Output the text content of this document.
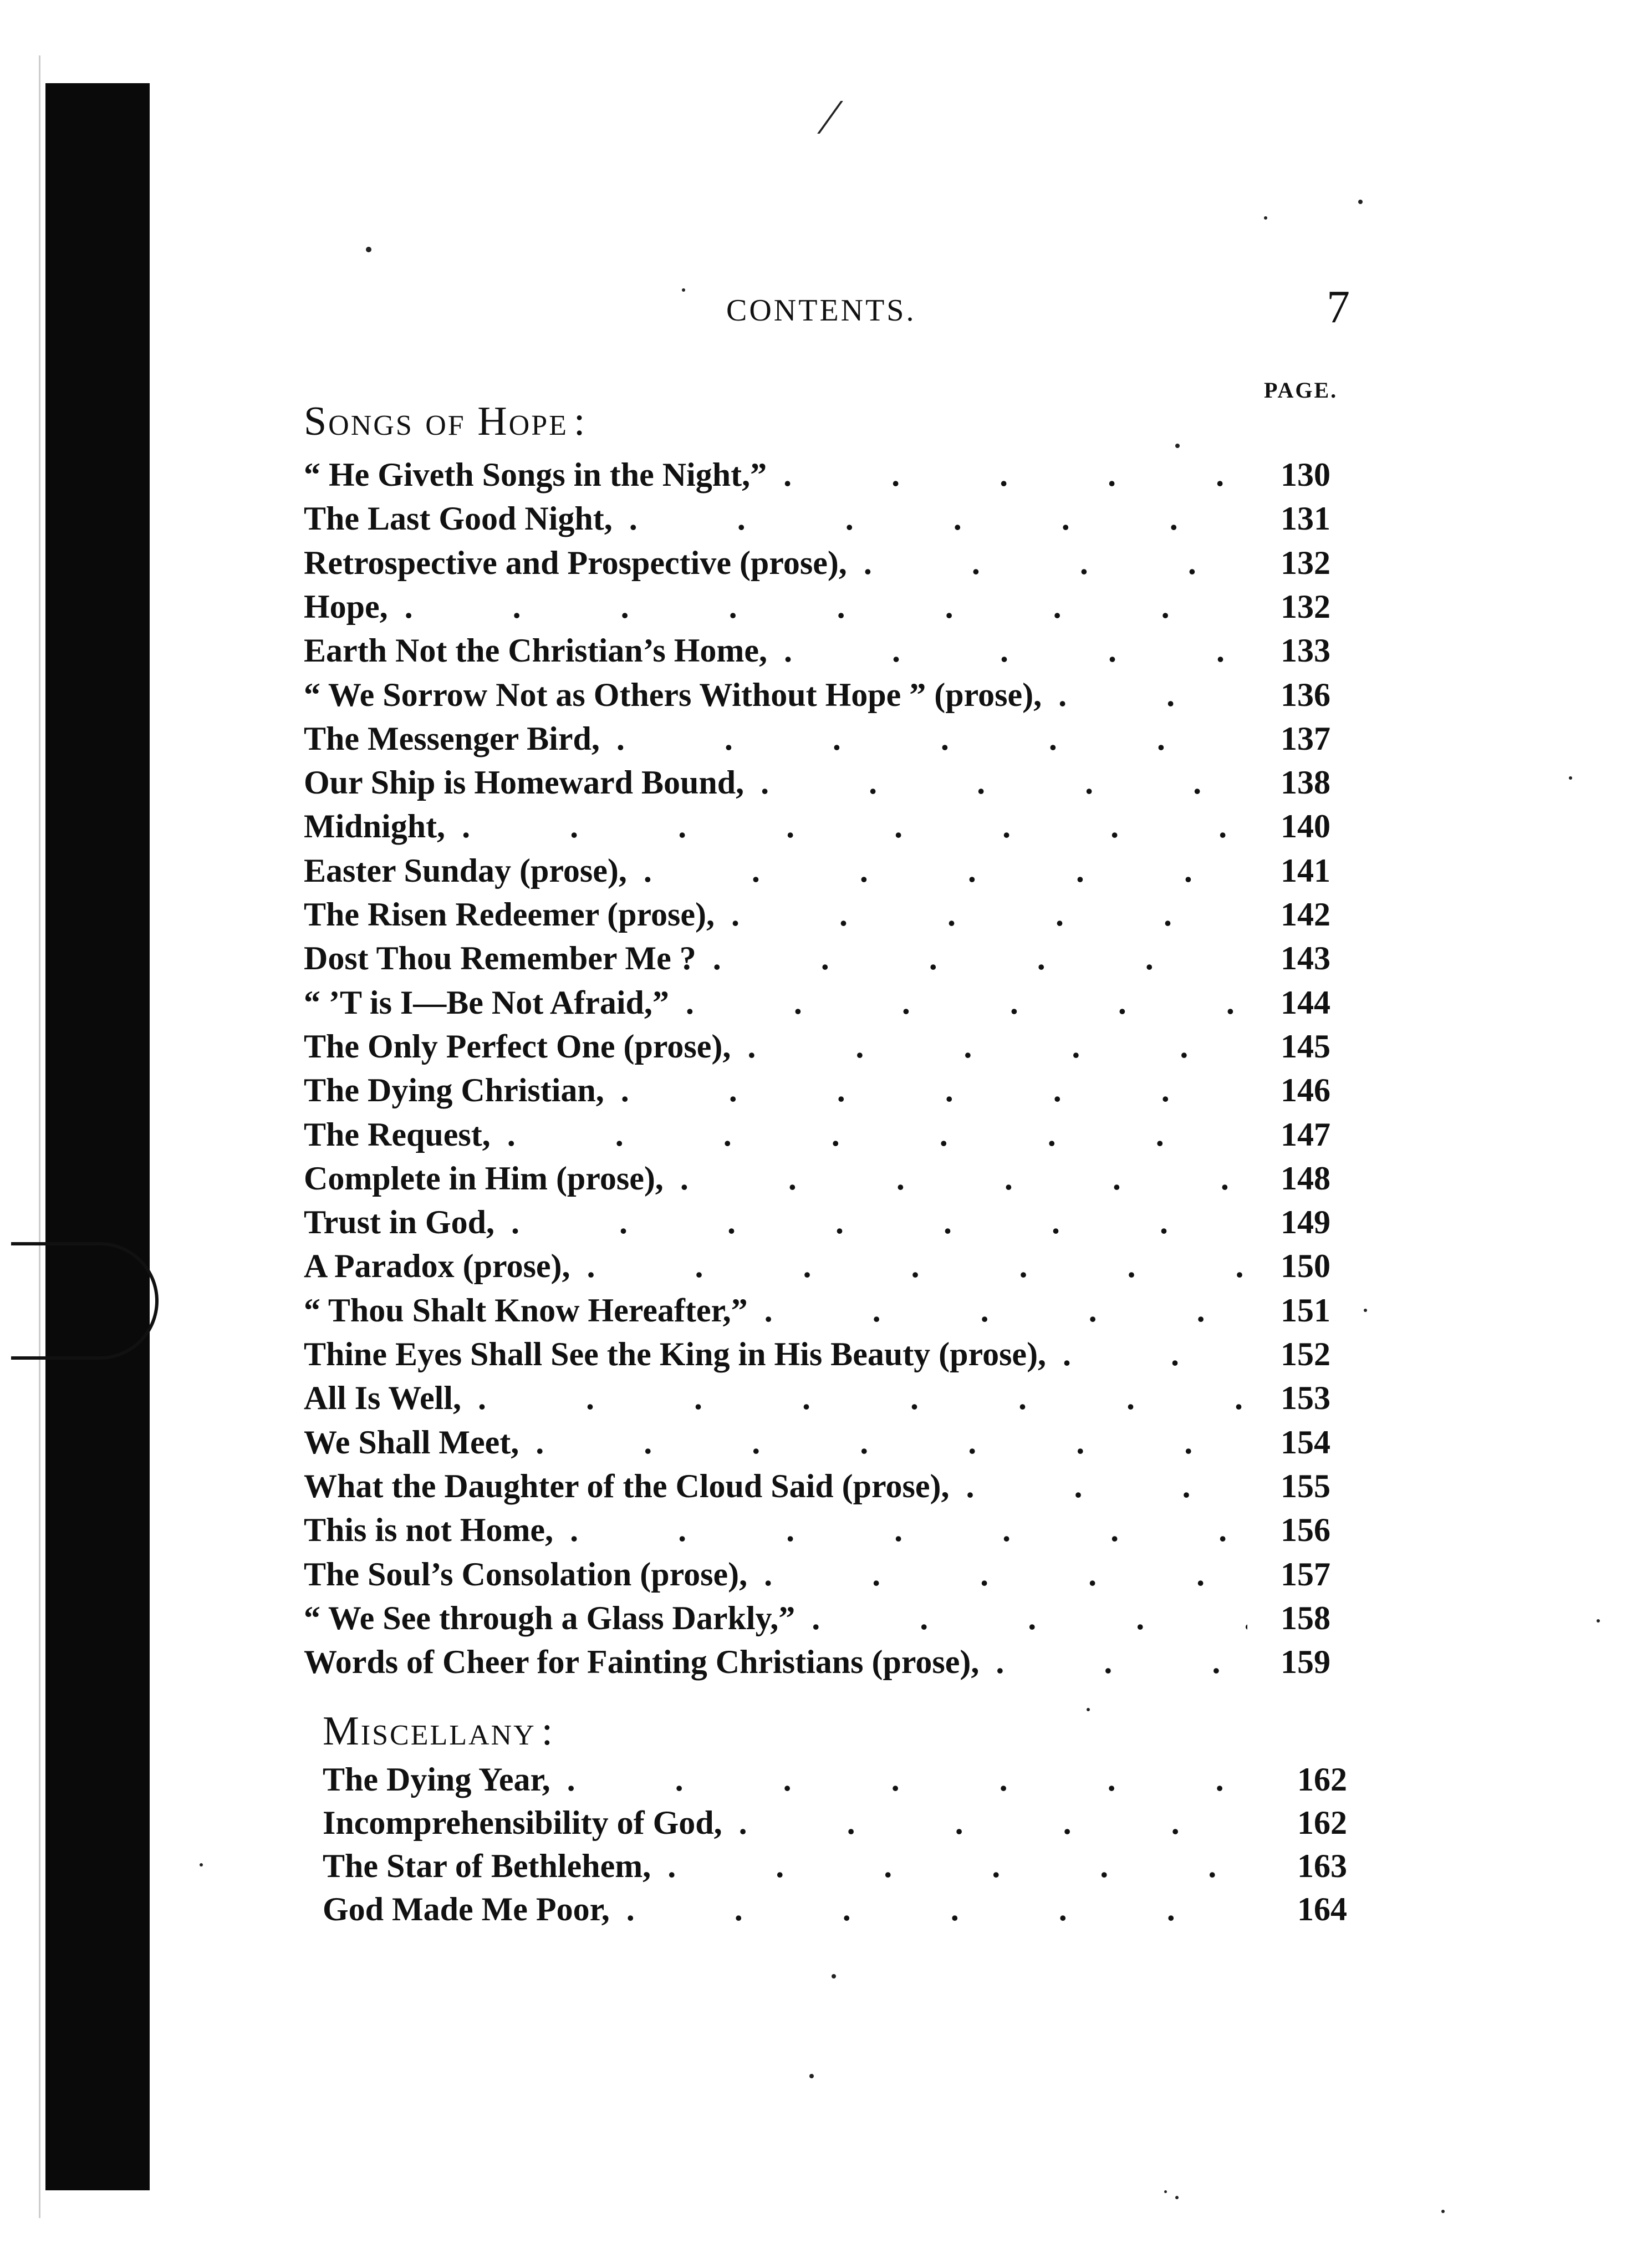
⁄
CONTENTS.	7
PAGE.
Songs of Hope :
Miscellany :
“ He Giveth Songs in the Night,” .	130
The Last Good Night, .	131
Retrospective and Prospective (prose), .	132
Hope, .	132
Earth Not the Christian’s Home, .	133
“ We Sorrow Not as Others Without Hope ” (prose), .	136
The Messenger Bird, .	137
Our Ship is Homeward Bound, .	138
Midnight, .	140
Easter Sunday (prose), .	141
The Risen Redeemer (prose), .	142
Dost Thou Remember Me ? .	143
“ ’T is I—Be Not Afraid,” .	144
The Only Perfect One (prose), .	145
The Dying Christian, .	146
The Request, .	147
Complete in Him (prose), .	148
Trust in God, .	149
A Paradox (prose), .	150
“ Thou Shalt Know Hereafter,” .	151
Thine Eyes Shall See the King in His Beauty (prose), .	152
All Is Well, .	153
We Shall Meet, .	154
What the Daughter of the Cloud Said (prose), .	155
This is not Home, .	156
The Soul’s Consolation (prose), .	157
“ We See through a Glass Darkly,” .	158
Words of Cheer for Fainting Christians (prose), .	159
The Dying Year, .	162
Incomprehensibility of God, .	162
The Star of Bethlehem, .	163
God Made Me Poor, .	164
